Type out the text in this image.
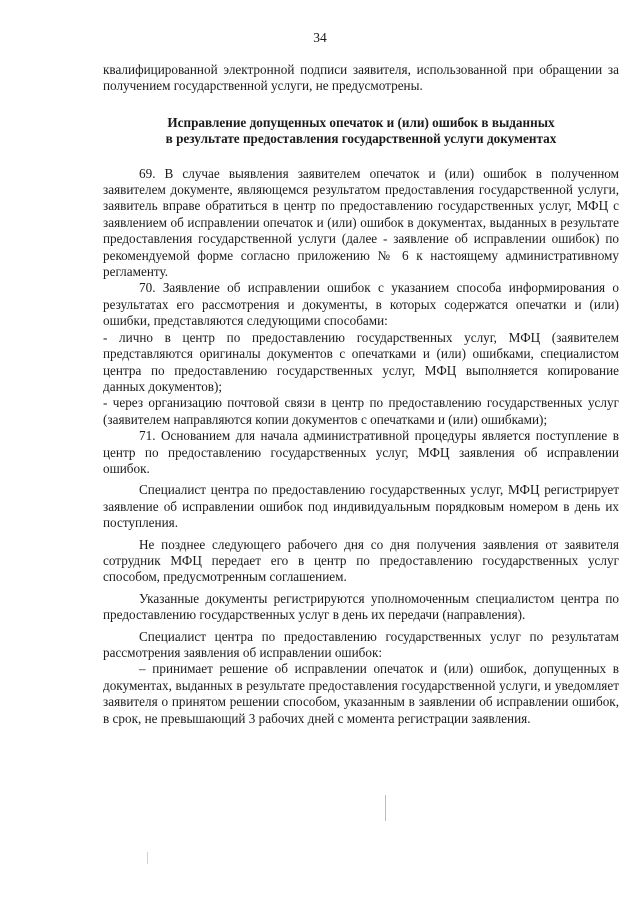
34

квалифицированной электронной подписи заявителя, использованной при обращении за получением государственной услуги, не предусмотрены.

Исправление допущенных опечаток и (или) ошибок в выданных
в результате предоставления государственной услуги документах

69. В случае выявления заявителем опечаток и (или) ошибок в полученном заявителем документе, являющемся результатом предоставления государственной услуги, заявитель вправе обратиться в центр по предоставлению государственных услуг, МФЦ с заявлением об исправлении опечаток и (или) ошибок в документах, выданных в результате предоставления государственной услуги (далее - заявление об исправлении ошибок) по рекомендуемой форме согласно приложению № 6 к настоящему административному регламенту.

70. Заявление об исправлении ошибок с указанием способа информирования о результатах его рассмотрения и документы, в которых содержатся опечатки и (или) ошибки, представляются следующими способами:

- лично в центр по предоставлению государственных услуг, МФЦ (заявителем представляются оригиналы документов с опечатками и (или) ошибками, специалистом центра по предоставлению государственных услуг, МФЦ выполняется копирование данных документов);

- через организацию почтовой связи в центр по предоставлению государственных услуг (заявителем направляются копии документов с опечатками и (или) ошибками);

71. Основанием для начала административной процедуры является поступление в центр по предоставлению государственных услуг, МФЦ заявления об исправлении ошибок.

Специалист центра по предоставлению государственных услуг, МФЦ регистрирует заявление об исправлении ошибок под индивидуальным порядковым номером в день их поступления.

Не позднее следующего рабочего дня со дня получения заявления от заявителя сотрудник МФЦ передает его в центр по предоставлению государственных услуг способом, предусмотренным соглашением.

Указанные документы регистрируются уполномоченным специалистом центра по предоставлению государственных услуг в день их передачи (направления).

Специалист центра по предоставлению государственных услуг по результатам рассмотрения заявления об исправлении ошибок:

– принимает решение об исправлении опечаток и (или) ошибок, допущенных в документах, выданных в результате предоставления государственной услуги, и уведомляет заявителя о принятом решении способом, указанным в заявлении об исправлении ошибок, в срок, не превышающий 3 рабочих дней с момента регистрации заявления.
